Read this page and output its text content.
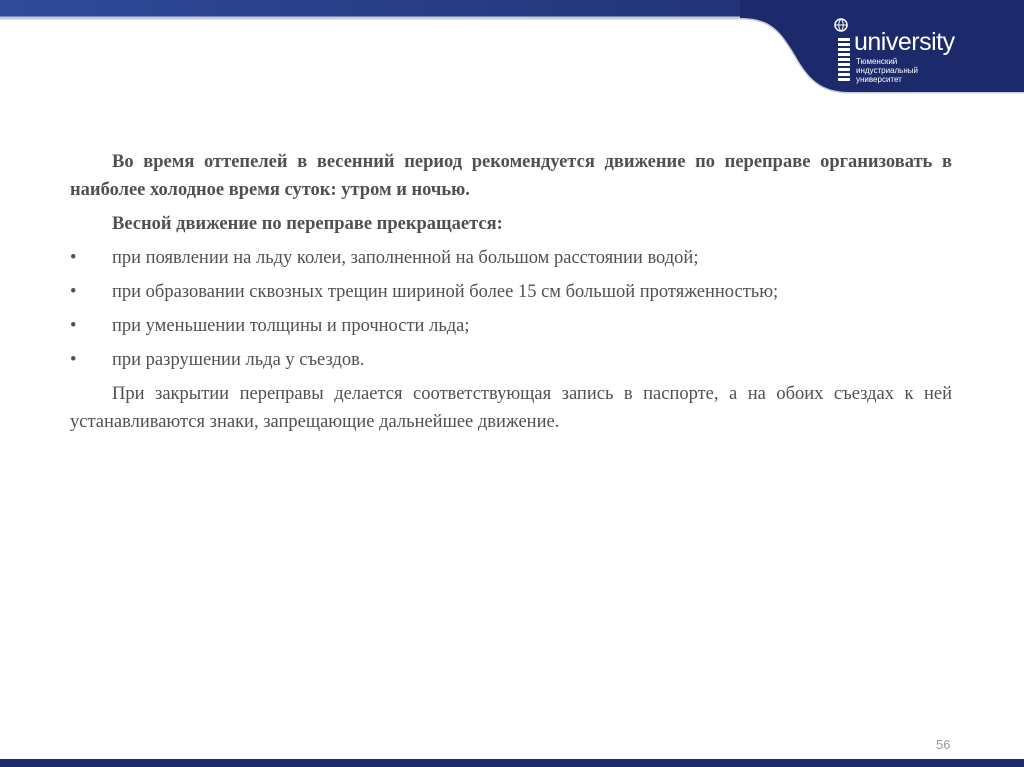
university
Тюменский
индустриальный
университет

Во время оттепелей в весенний период рекомендуется движение по переправе организовать в наиболее холодное время суток: утром и ночью.

Весной движение по переправе прекращается:

• при появлении на льду колеи, заполненной на большом расстоянии водой;
• при образовании сквозных трещин шириной более 15 см большой протяженностью;
• при уменьшении толщины и прочности льда;
• при разрушении льда у съездов.

При закрытии переправы делается соответствующая запись в паспорте, а на обоих съездах к ней устанавливаются знаки, запрещающие дальнейшее движение.

56
